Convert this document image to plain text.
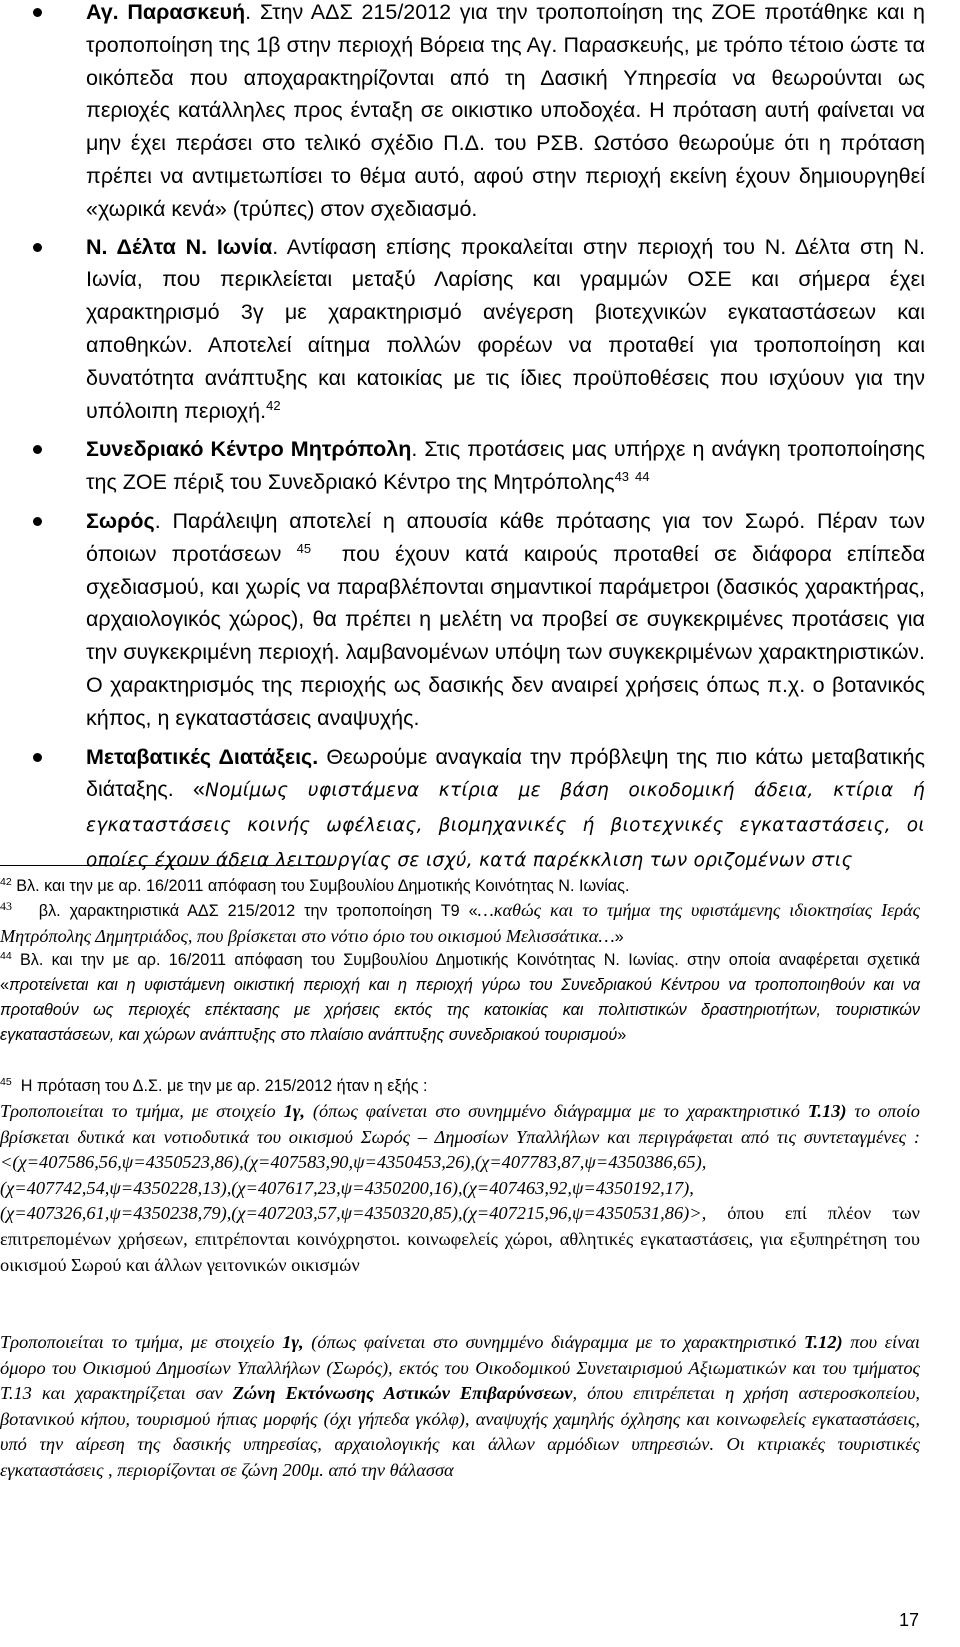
Αγ. Παρασκευή. Στην ΑΔΣ 215/2012 για την τροποποίηση της ΖΟΕ προτάθηκε και η τροποποίηση της 1β στην περιοχή Βόρεια της Αγ. Παρασκευής, με τρόπο τέτοιο ώστε τα οικόπεδα που αποχαρακτηρίζονται από τη Δασική Υπηρεσία να θεωρούνται ως περιοχές κατάλληλες προς ένταξη σε οικιστικο υποδοχέα. Η πρόταση αυτή φαίνεται να μην έχει περάσει στο τελικό σχέδιο Π.Δ. του ΡΣΒ. Ωστόσο θεωρούμε ότι η πρόταση πρέπει να αντιμετωπίσει το θέμα αυτό, αφού στην περιοχή εκείνη έχουν δημιουργηθεί «χωρικά κενά» (τρύπες) στον σχεδιασμό.
Ν. Δέλτα Ν. Ιωνία. Αντίφαση επίσης προκαλείται στην περιοχή του Ν. Δέλτα στη Ν. Ιωνία, που περικλείεται μεταξύ Λαρίσης και γραμμών ΟΣΕ και σήμερα έχει χαρακτηρισμό 3γ με χαρακτηρισμό ανέγερση βιοτεχνικών εγκαταστάσεων και αποθηκών. Αποτελεί αίτημα πολλών φορέων να προταθεί για τροποποίηση και δυνατότητα ανάπτυξης και κατοικίας με τις ίδιες προϋποθέσεις που ισχύουν για την υπόλοιπη περιοχή.$^{42}$
Συνεδριακό Κέντρο Μητρόπολη. Στις προτάσεις μας υπήρχε η ανάγκη τροποποίησης της ΖΟΕ πέριξ του Συνεδριακό Κέντρο της Μητρόπολης$^{43}$ $^{44}$
Σωρός. Παράλειψη αποτελεί η απουσία κάθε πρότασης για τον Σωρό. Πέραν των όποιων προτάσεων $^{45}$ που έχουν κατά καιρούς προταθεί σε διάφορα επίπεδα σχεδιασμού, και χωρίς να παραβλέπονται σημαντικοί παράμετροι (δασικός χαρακτήρας, αρχαιολογικός χώρος), θα πρέπει η μελέτη να προβεί σε συγκεκριμένες προτάσεις για την συγκεκριμένη περιοχή. λαμβανομένων υπόψη των συγκεκριμένων χαρακτηριστικών. Ο χαρακτηρισμός της περιοχής ως δασικής δεν αναιρεί χρήσεις όπως π.χ. ο βοτανικός κήπος, η εγκαταστάσεις αναψυχής.
Μεταβατικές Διατάξεις. Θεωρούμε αναγκαία την πρόβλεψη της πιο κάτω μεταβατικής διάταξης. «Νομίμως υφιστάμενα κτίρια με βάση οικοδομική άδεια, κτίρια ή εγκαταστάσεις κοινής ωφέλειας, βιομηχανικές ή βιοτεχνικές εγκαταστάσεις, οι οποίες έχουν άδεια λειτουργίας σε ισχύ, κατά παρέκκλιση των οριζομένων στις
$^{42}$ Βλ. και την με αρ. 16/2011 απόφαση του Συμβουλίου Δημοτικής Κοινότητας Ν. Ιωνίας.
$^{43}$ βλ. χαρακτηριστικά ΑΔΣ 215/2012 την τροποποίηση Τ9 «…καθώς και το τμήμα της υφιστάμενης ιδιοκτησίας Ιεράς Μητρόπολης Δημητριάδος, που βρίσκεται στο νότιο όριο του οικισμού Μελισσάτικα…»
$^{44}$ Βλ. και την με αρ. 16/2011 απόφαση του Συμβουλίου Δημοτικής Κοινότητας Ν. Ιωνίας. στην οποία αναφέρεται σχετικά «προτείνεται και η υφιστάμενη οικιστική περιοχή και η περιοχή γύρω του Συνεδριακού Κέντρου να τροποποιηθούν και να προταθούν ως περιοχές επέκτασης με χρήσεις εκτός της κατοικίας και πολιτιστικών δραστηριοτήτων, τουριστικών εγκαταστάσεων, και χώρων ανάπτυξης στο πλαίσιο ανάπτυξης συνεδριακού τουρισμού»
$^{45}$ Η πρόταση του Δ.Σ. με την με αρ. 215/2012 ήταν η εξής :
Τροποποιείται το τμήμα, με στοιχείο 1γ, (όπως φαίνεται στο συνημμένο διάγραμμα με το χαρακτηριστικό Τ.13) το οποίο βρίσκεται δυτικά και νοτιοδυτικά του οικισμού Σωρός – Δημοσίων Υπαλλήλων και περιγράφεται από τις συντεταγμένες : <(χ=407586,56,ψ=4350523,86),(χ=407583,90,ψ=4350453,26),(χ=407783,87,ψ=4350386,65),(χ=407742,54,ψ=4350228,13),(χ=407617,23,ψ=4350200,16),(χ=407463,92,ψ=4350192,17),(χ=407326,61,ψ=4350238,79),(χ=407203,57,ψ=4350320,85),(χ=407215,96,ψ=4350531,86)>, όπου επί πλέον των επιτρεπομένων χρήσεων, επιτρέπονται κοινόχρηστοι. κοινωφελείς χώροι, αθλητικές εγκαταστάσεις, για εξυπηρέτηση του οικισμού Σωρού και άλλων γειτονικών οικισμών
Τροποποιείται το τμήμα, με στοιχείο 1γ, (όπως φαίνεται στο συνημμένο διάγραμμα με το χαρακτηριστικό Τ.12) που είναι όμορο του Οικισμού Δημοσίων Υπαλλήλων (Σωρός), εκτός του Οικοδομικού Συνεταιρισμού Αξιωματικών και του τμήματος Τ.13 και χαρακτηρίζεται σαν Ζώνη Εκτόνωσης Αστικών Επιβαρύνσεων, όπου επιτρέπεται η χρήση αστεροσκοπείου, βοτανικού κήπου, τουρισμού ήπιας μορφής (όχι γήπεδα γκόλφ), αναψυχής χαμηλής όχλησης και κοινωφελείς εγκαταστάσεις, υπό την αίρεση της δασικής υπηρεσίας, αρχαιολογικής και άλλων αρμόδιων υπηρεσιών. Οι κτιριακές τουριστικές εγκαταστάσεις , περιορίζονται σε ζώνη 200μ. από την θάλασσα
17
